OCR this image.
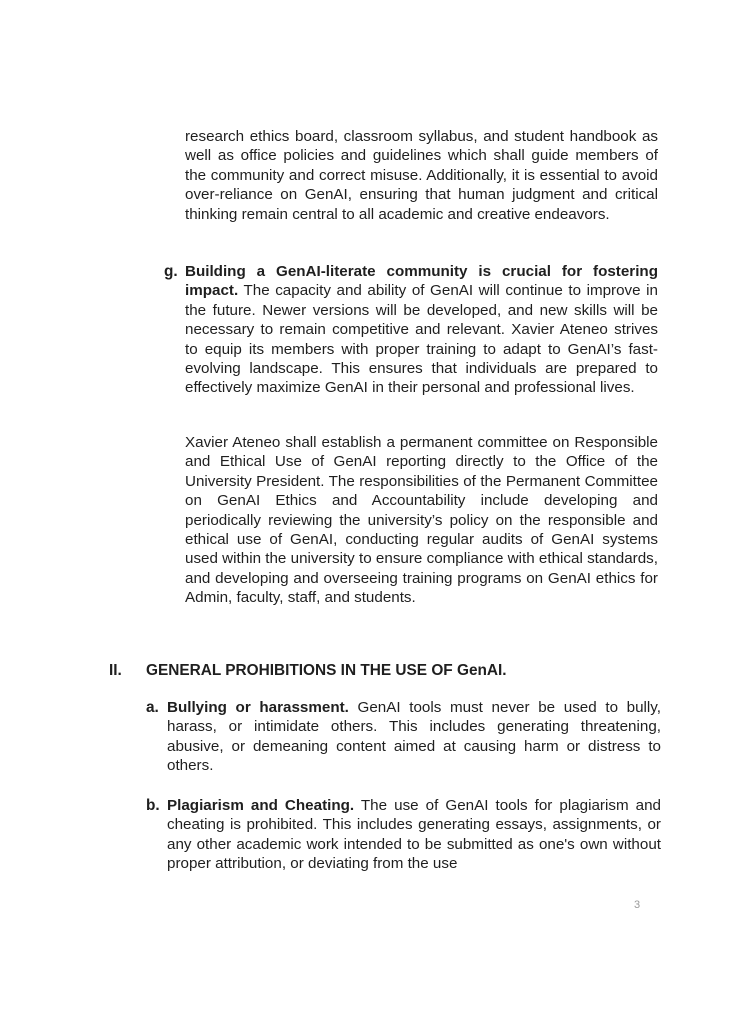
research ethics board, classroom syllabus, and student handbook as well as office policies and guidelines which shall guide members of the community and correct misuse. Additionally, it is essential to avoid over-reliance on GenAI, ensuring that human judgment and critical thinking remain central to all academic and creative endeavors.

g. Building a GenAI-literate community is crucial for fostering impact. The capacity and ability of GenAI will continue to improve in the future. Newer versions will be developed, and new skills will be necessary to remain competitive and relevant. Xavier Ateneo strives to equip its members with proper training to adapt to GenAI’s fast-evolving landscape. This ensures that individuals are prepared to effectively maximize GenAI in their personal and professional lives.

Xavier Ateneo shall establish a permanent committee on Responsible and Ethical Use of GenAI reporting directly to the Office of the University President. The responsibilities of the Permanent Committee on GenAI Ethics and Accountability include developing and periodically reviewing the university’s policy on the responsible and ethical use of GenAI, conducting regular audits of GenAI systems used within the university to ensure compliance with ethical standards, and developing and overseeing training programs on GenAI ethics for Admin, faculty, staff, and students.

II. GENERAL PROHIBITIONS IN THE USE OF GenAI.
a. Bullying or harassment. GenAI tools must never be used to bully, harass, or intimidate others. This includes generating threatening, abusive, or demeaning content aimed at causing harm or distress to others.

b. Plagiarism and Cheating. The use of GenAI tools for plagiarism and cheating is prohibited. This includes generating essays, assignments, or any other academic work intended to be submitted as one's own without proper attribution, or deviating from the use

3
